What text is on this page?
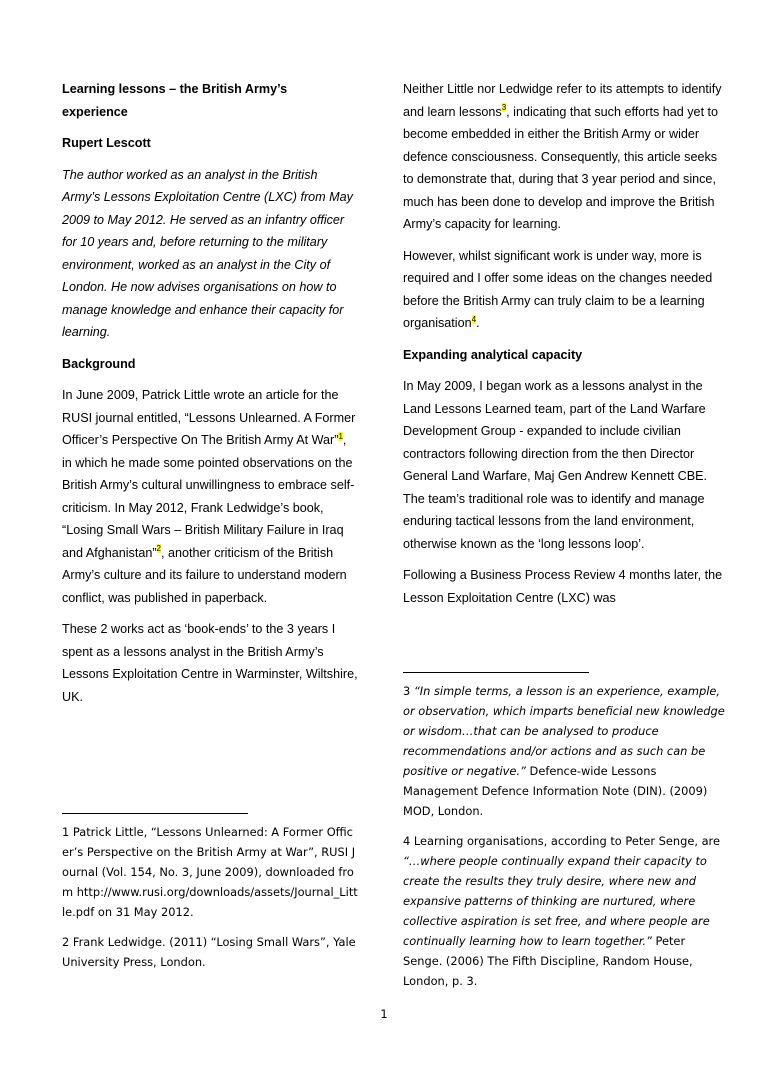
Learning lessons – the British Army’s
experience

Rupert Lescott

The author worked as an analyst in the British Army’s Lessons Exploitation Centre (LXC) from May 2009 to May 2012. He served as an infantry officer for 10 years and, before returning to the military environment, worked as an analyst in the City of London. He now advises organisations on how to manage knowledge and enhance their capacity for learning.

Background

In June 2009, Patrick Little wrote an article for the RUSI journal entitled, “Lessons Unlearned. A Former Officer’s Perspective On The British Army At War”$^1$, in which he made some pointed observations on the British Army’s cultural unwillingness to embrace self-criticism. In May 2012, Frank Ledwidge’s book, “Losing Small Wars – British Military Failure in Iraq and Afghanistan”$^2$, another criticism of the British Army’s culture and its failure to understand modern conflict, was published in paperback.

These 2 works act as ‘book-ends’ to the 3 years I spent as a lessons analyst in the British Army’s Lessons Exploitation Centre in Warminster, Wiltshire, UK.

1 Patrick Little, “Lessons Unlearned: A Former Officer’s Perspective on the British Army at War”, RUSI Journal (Vol. 154, No. 3, June 2009), downloaded from http://www.rusi.org/downloads/assets/Journal_Little.pdf on 31 May 2012.

2 Frank Ledwidge. (2011) “Losing Small Wars”, Yale University Press, London.

Neither Little nor Ledwidge refer to its attempts to identify and learn lessons$^3$, indicating that such efforts had yet to become embedded in either the British Army or wider defence consciousness. Consequently, this article seeks to demonstrate that, during that 3 year period and since, much has been done to develop and improve the British Army’s capacity for learning.

However, whilst significant work is under way, more is required and I offer some ideas on the changes needed before the British Army can truly claim to be a learning organisation$^4$.

Expanding analytical capacity

In May 2009, I began work as a lessons analyst in the Land Lessons Learned team, part of the Land Warfare Development Group - expanded to include civilian contractors following direction from the then Director General Land Warfare, Maj Gen Andrew Kennett CBE. The team’s traditional role was to identify and manage enduring tactical lessons from the land environment, otherwise known as the ‘long lessons loop’.

Following a Business Process Review 4 months later, the Lesson Exploitation Centre (LXC) was

3 “In simple terms, a lesson is an experience, example, or observation, which imparts beneficial new knowledge or wisdom…that can be analysed to produce recommendations and/or actions and as such can be positive or negative.” Defence-wide Lessons Management Defence Information Note (DIN). (2009) MOD, London.

4 Learning organisations, according to Peter Senge, are “…where people continually expand their capacity to create the results they truly desire, where new and expansive patterns of thinking are nurtured, where collective aspiration is set free, and where people are continually learning how to learn together.” Peter Senge. (2006) The Fifth Discipline, Random House, London, p. 3.

1
